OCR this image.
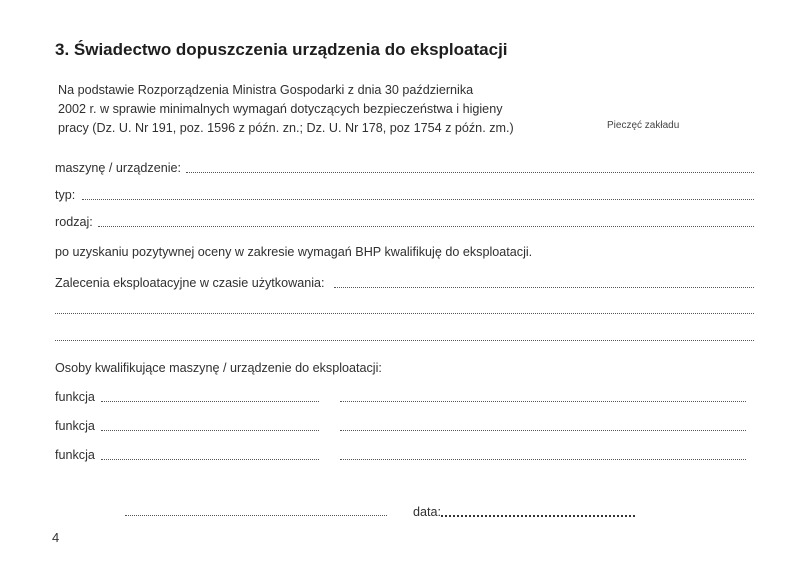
3. Świadectwo dopuszczenia urządzenia do eksploatacji
Na podstawie Rozporządzenia Ministra Gospodarki z dnia 30 października
2002 r. w sprawie minimalnych wymagań dotyczących bezpieczeństwa i higieny
pracy (Dz. U. Nr 191, poz. 1596 z późn. zn.; Dz. U. Nr 178, poz 1754 z późn. zm.)	Pieczęć zakładu
maszynę / urządzenie:
typ:
rodzaj:
po uzyskaniu pozytywnej oceny w zakresie wymagań BHP kwalifikuję do eksploatacji.
Zalecenia eksploatacyjne w czasie użytkowania:
Osoby kwalifikujące maszynę / urządzenie do eksploatacji:
funkcja
funkcja
funkcja
data:
4
